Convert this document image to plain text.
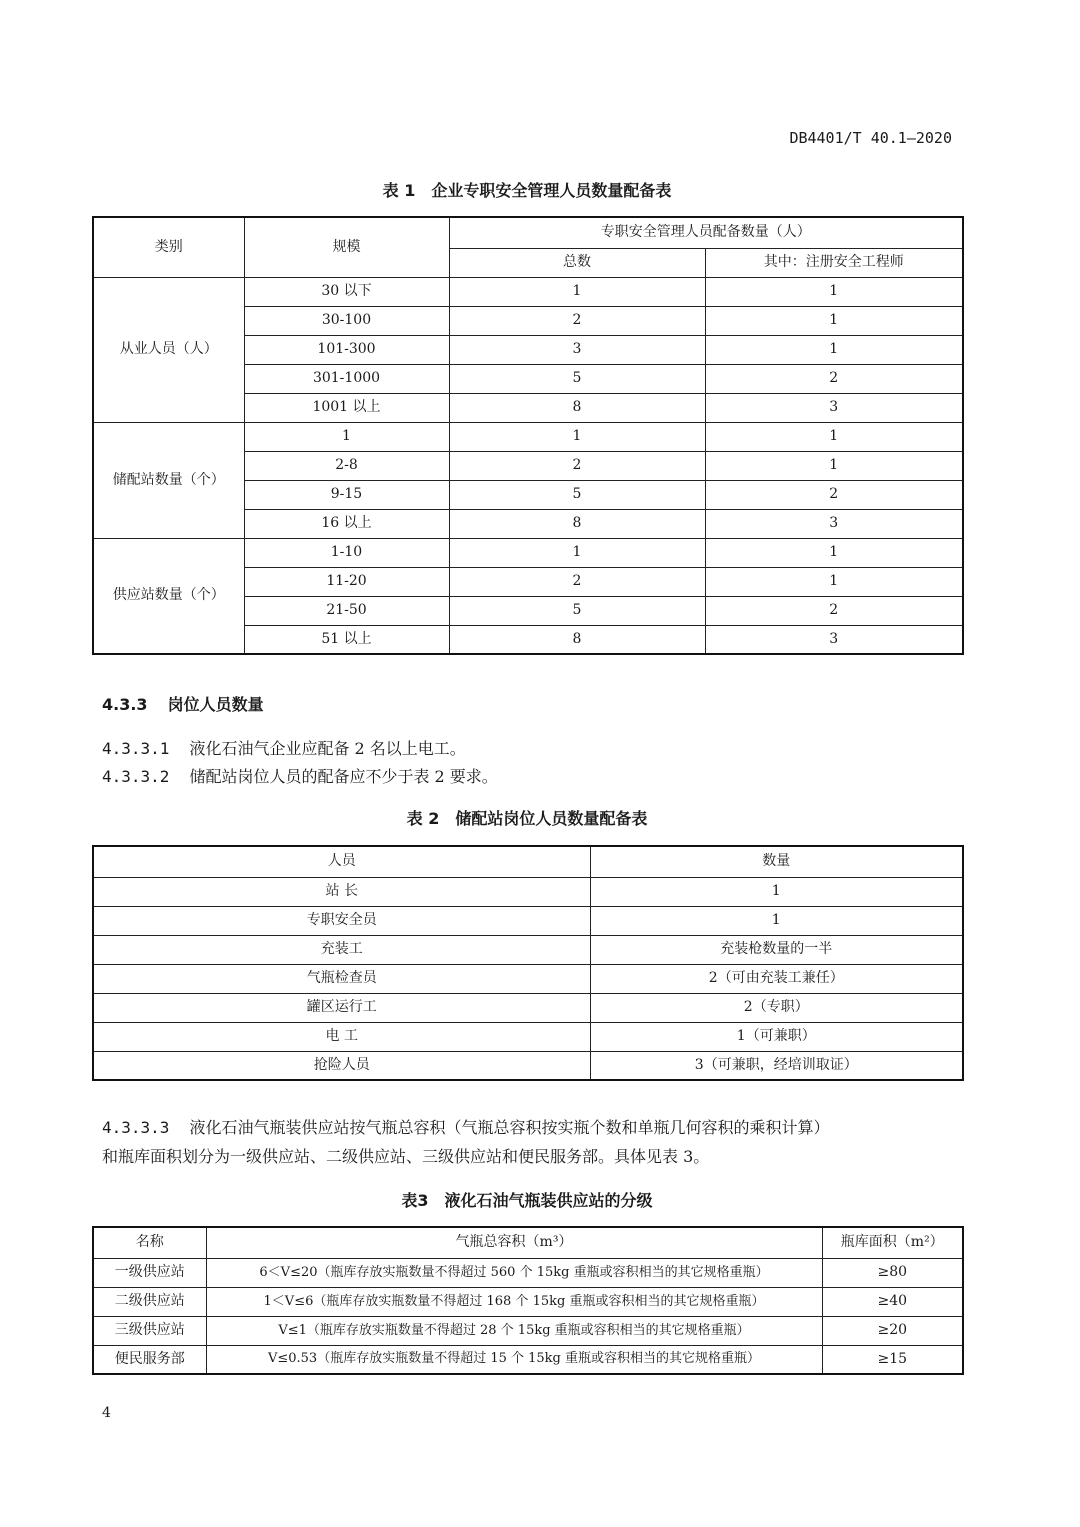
DB4401/T 40.1—2020
表 1　企业专职安全管理人员数量配备表
类别	规模	专职安全管理人员配备数量（人）	
		总数	其中：注册安全工程师
从业人员（人）	30 以下	1	1
	30-100	2	1
	101-300	3	1
	301-1000	5	2
	1001 以上	8	3
储配站数量（个）	1	1	1
	2-8	2	1
	9-15	5	2
	16 以上	8	3
供应站数量（个）	1-10	1	1
	11-20	2	1
	21-50	5	2
	51 以上	8	3
4.3.3 岗位人员数量
4.3.3.1 液化石油气企业应配备 2 名以上电工。
4.3.3.2 储配站岗位人员的配备应不少于表 2 要求。
表 2　储配站岗位人员数量配备表
人员	数量
站 长	1
专职安全员	1
充装工	充装枪数量的一半
气瓶检查员	2（可由充装工兼任）
罐区运行工	2（专职）
电 工	1（可兼职）
抢险人员	3（可兼职，经培训取证）
4.3.3.3 液化石油气瓶装供应站按气瓶总容积（气瓶总容积按实瓶个数和单瓶几何容积的乘积计算）
和瓶库面积划分为一级供应站、二级供应站、三级供应站和便民服务部。具体见表 3。
表3　液化石油气瓶装供应站的分级
名称	气瓶总容积（m³）	瓶库面积（m²）
一级供应站	6＜V≤20（瓶库存放实瓶数量不得超过 560 个 15kg 重瓶或容积相当的其它规格重瓶）	≥80
二级供应站	1＜V≤6（瓶库存放实瓶数量不得超过 168 个 15kg 重瓶或容积相当的其它规格重瓶）	≥40
三级供应站	V≤1（瓶库存放实瓶数量不得超过 28 个 15kg 重瓶或容积相当的其它规格重瓶）	≥20
便民服务部	V≤0.53（瓶库存放实瓶数量不得超过 15 个 15kg 重瓶或容积相当的其它规格重瓶）	≥15
4
